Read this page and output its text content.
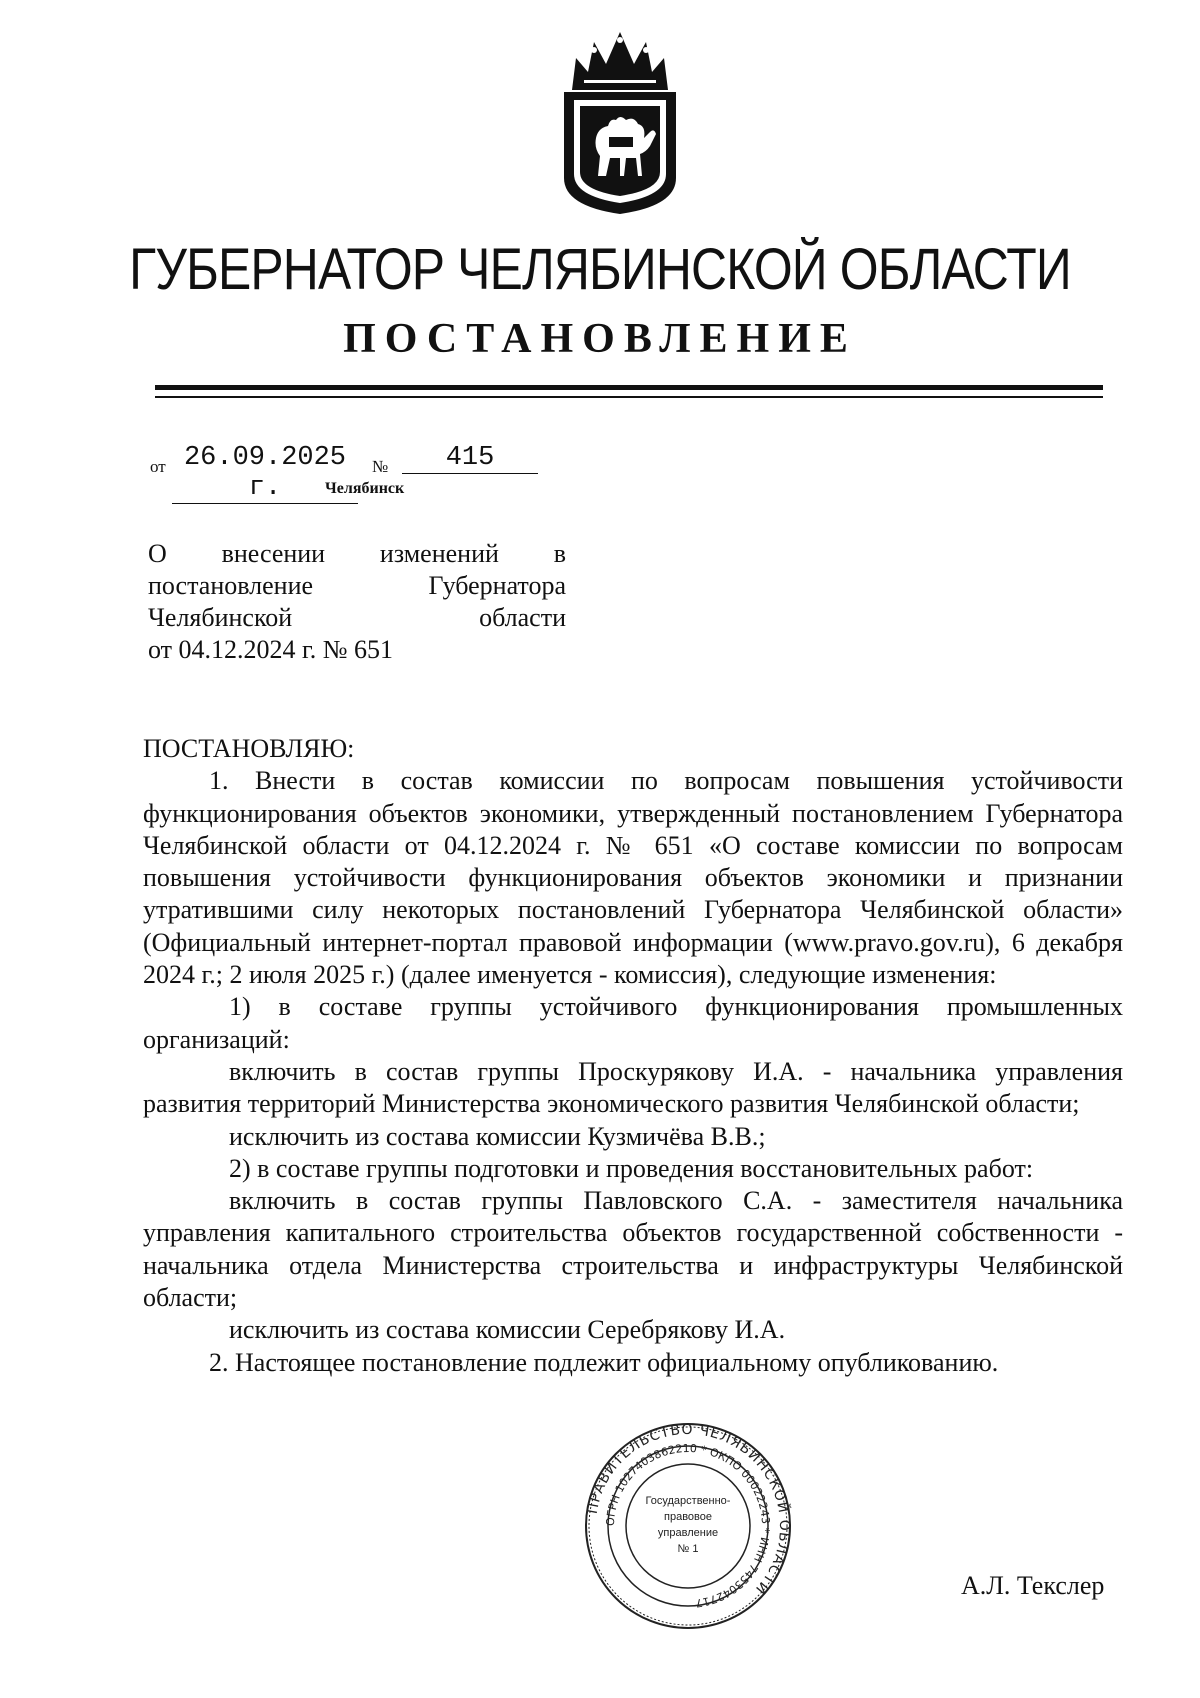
ГУБЕРНАТОР ЧЕЛЯБИНСКОЙ ОБЛАСТИ
ПОСТАНОВЛЕНИЕ
от 26.09.2025 г.
№	415
Челябинск
О внесении изменений в
постановление	Губернатора
Челябинской	области
от 04.12.2024 г. № 651

ПОСТАНОВЛЯЮ:

1. Внести в состав комиссии по вопросам повышения устойчивости функционирования объектов экономики, утвержденный постановлением Губернатора Челябинской области от 04.12.2024 г. № 651 «О составе комиссии по вопросам повышения устойчивости функционирования объектов экономики и признании утратившими силу некоторых постановлений Губернатора Челябинской области» (Официальный интернет-портал правовой информации (www.pravo.gov.ru), 6 декабря 2024 г.; 2 июля 2025 г.) (далее именуется - комиссия), следующие изменения:

1) в составе группы устойчивого функционирования промышленных организаций:

включить в состав группы Проскурякову И.А. - начальника управления развития территорий Министерства экономического развития Челябинской области;

исключить из состава комиссии Кузмичёва В.В.;

2) в составе группы подготовки и проведения восстановительных работ:

включить в состав группы Павловского С.А. - заместителя начальника управления капитального строительства объектов государственной собственности - начальника отдела Министерства строительства и инфраструктуры Челябинской области;

исключить из состава комиссии Серебрякову И.А.

2. Настоящее постановление подлежит официальному опубликованию.

ПРАВИТЕЛЬСТВО ЧЕЛЯБИНСКОЙ ОБЛАСТИ
ОГРН 1027403862210 * ОКПО 00022243 * ИНН 7453042717
Государственно-
правовое
управление
№ 1
А.Л. Текслер
